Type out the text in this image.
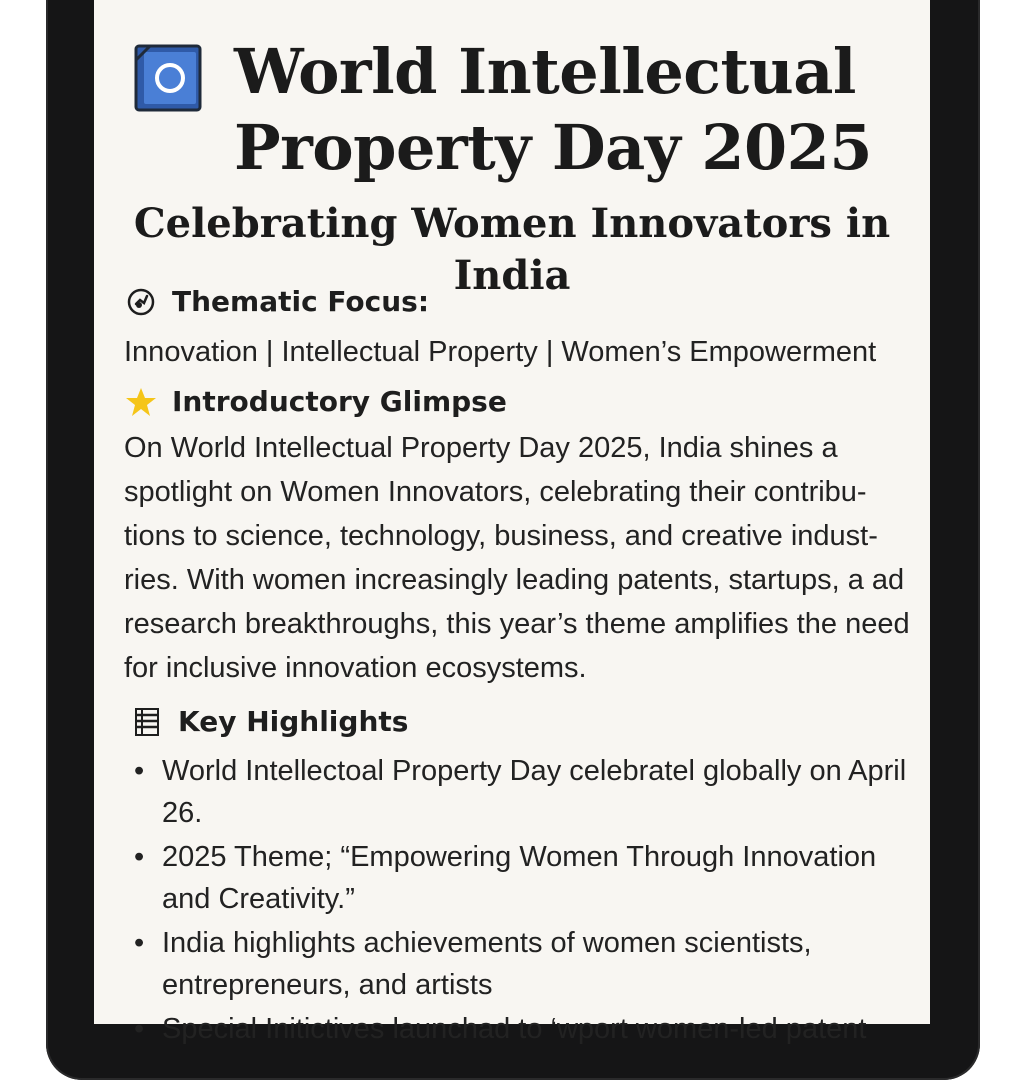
World Intellectual Property Day 2025
Celebrating Women Innovators in India
Thematic Focus:

Innovation | Intellectual Property | Women’s Empowerment

Introductory Glimpse

On World Intellectual Property Day 2025, India shines a spotlight on Women Innovators, celebrating their contribu- tions to science, technology, business, and creative indust- ries. With women increasingly leading patents, startups, a ad research breakthroughs, this year’s theme amplifies the need for inclusive innovation ecosystems.

Key Highlights
• World Intellectoal Property Day celebratel globally on April 26.
• 2025 Theme; “Empowering Women Through Innovation and Creativity.”
• India highlights achievements of women scientists, entrepreneurs, and artists
• Special Initictives launchad to ‘wport women-led patent
